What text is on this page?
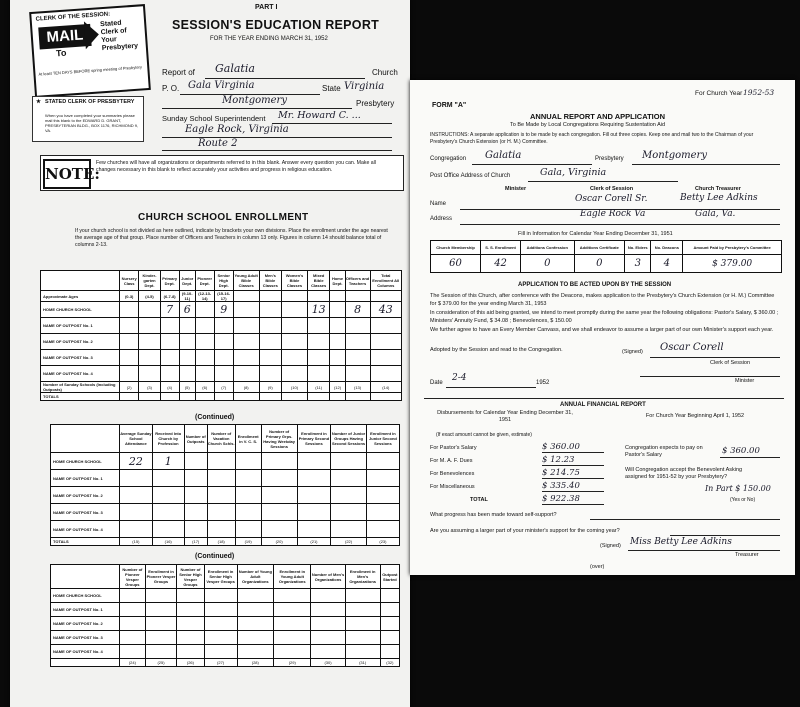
CLERK OF THE SESSION:
MAIL
To
Stated Clerk of Your Presbytery
At least TEN DAYS BEFORE spring meeting of Presbytery
★ STATED CLERK OF PRESBYTERY
When you have completed your summaries please mail this blank to the EDWARD D. GRANT, PRESBYTERIAN BLDG., BOX 1176, RICHMOND 9, VA.
PART I
SESSION'S EDUCATION REPORT
FOR THE YEAR ENDING MARCH 31, 1952
Report of Galatia	Church
P. O. Gala Virginia	State Virginia
Montgomery	Presbytery
Sunday School Superintendent Mr. Howard C. ...
Eagle Rock, Virginia
Route 2
NOTE:
Few churches will have all organizations or departments referred to in this blank. Answer every question you can. Make all changes necessary in this blank to reflect accurately your activities and progress in religious education.
CHURCH SCHOOL ENROLLMENT
If your church school is not divided as here outlined, indicate by brackets your own divisions. Place the enrollment under the age nearest the average age of that group. Place number of Officers and Teachers in column 13 only. Figures in column 14 should balance total of columns 2-13.
	Nursery Class	Kinder-garten Dept.	Primary Dept.	Junior Dept.	Pioneer Dept.	Senior High Dept.	Young Adult Bible Classes	Men's Bible Classes	Women's Bible Classes	Mixed Bible Classes	Home Dept.	Officers and Teachers	Total Enrollment All Columns
Approximate Ages	(0-3)	(4-5)	(6-7-8)	(9-10-11)	(12-13-14)	(15-16-17)							
HOME CHURCH SCHOOL			7	6		9				13		8	43
NAME OF OUTPOST No. 1													
NAME OF OUTPOST No. 2													
NAME OF OUTPOST No. 3													
NAME OF OUTPOST No. 4													
Number of Sunday Schools (Including Outposts)	(2)	(3)	(4)	(5)	(6)	(7)	(8)	(9)	(10)	(11)	(12)	(13)	(14)
TOTALS													
(Continued)
	Average Sunday School Attendance	Received Into Church by Profession	Number of Outposts	Number of Vacation Church Schls.	Enrollment in V. C. S.	Number of Primary Grps. Having Weekday Sessions	Enrollment in Primary Second Sessions	Number of Junior Groups Having Second Sessions	Enrollment in Junior Second Sessions
HOME CHURCH SCHOOL	22	1							
NAME OF OUTPOST No. 1									
NAME OF OUTPOST No. 2									
NAME OF OUTPOST No. 3									
NAME OF OUTPOST No. 4									
TOTALS	(15)	(16)	(17)	(18)	(19)	(20)	(21)	(22)	(23)
(Continued)
	Number of Pioneer Vesper Groups	Enrollment in Pioneer Vesper Groups	Number of Senior High Vesper Groups	Enrollment in Senior High Vesper Groups	Number of Young Adult Organizations	Enrollment in Young Adult Organizations	Number of Men's Organizations	Enrollment in Men's Organizations	Outpost Started
HOME CHURCH SCHOOL									
NAME OF OUTPOST No. 1									
NAME OF OUTPOST No. 2									
NAME OF OUTPOST No. 3									
NAME OF OUTPOST No. 4									
	(24)	(25)	(26)	(27)	(28)	(29)	(30)	(31)	(32)
FORM "A"
For Church Year 1952-53
ANNUAL REPORT AND APPLICATION
To Be Made by Local Congregations Requiring Sustentation Aid
INSTRUCTIONS: A separate application is to be made by each congregation. Fill out three copies. Keep one and mail two to the Chairman of your Presbytery's Church Extension (or H. M.) Committee.
Congregation Galatia	Presbytery Montgomery
Post Office Address of Church	Gala, Virginia
Minister	Clerk of Session	Church Treasurer
Name	Oscar Corell Sr.	Betty Lee Adkins
Address	Eagle Rock Va	Gala, Va.
Fill in Information for Calendar Year Ending December 31, 1951
Church Membership	S. S. Enrollment	Additions Confession	Additions Certificate	No. Elders	No. Deacons	Amount Paid by Presbytery's Committee
60	42	0	0	3	4	$ 379.00
APPLICATION TO BE ACTED UPON BY THE SESSION
The Session of this Church, after conference with the Deacons, makes application to the Presbytery's Church Extension (or H. M.) Committee for $ 379.00 for the year ending March 31, 1953
In consideration of this aid being granted, we intend to meet promptly during the same year the following obligations: Pastor's Salary, $ 360.00 ; Ministers' Annuity Fund, $ 34.08 ; Benevolences, $ 150.00
We further agree to have an Every Member Canvass, and we shall endeavor to assume a larger part of our own Minister's support each year.
Adopted by the Session and read to the Congregation.	(Signed) Oscar Corell
Clerk of Session
Minister
Date 2-4	1952
ANNUAL FINANCIAL REPORT
Disbursements for Calendar Year Ending December 31, 1951
(If exact amount cannot be given, estimate)
For Church Year Beginning April 1, 1952
For Pastor's Salary	$ 360.00
For M. A. F. Dues	$ 12.23
For Benevolences	$ 214.75
For Miscellaneous	$ 335.40
TOTAL	$ 922.38
Congregation expects to pay on Pastor's Salary	$ 360.00
Will Congregation accept the Benevolent Asking assigned for 1951-52 by your Presbytery?
In Part $ 150.00
(Yes or No)
What progress has been made toward self-support?
Are you assuming a larger part of your minister's support for the coming year?
(Signed) Miss Betty Lee Adkins
Treasurer
(over)
